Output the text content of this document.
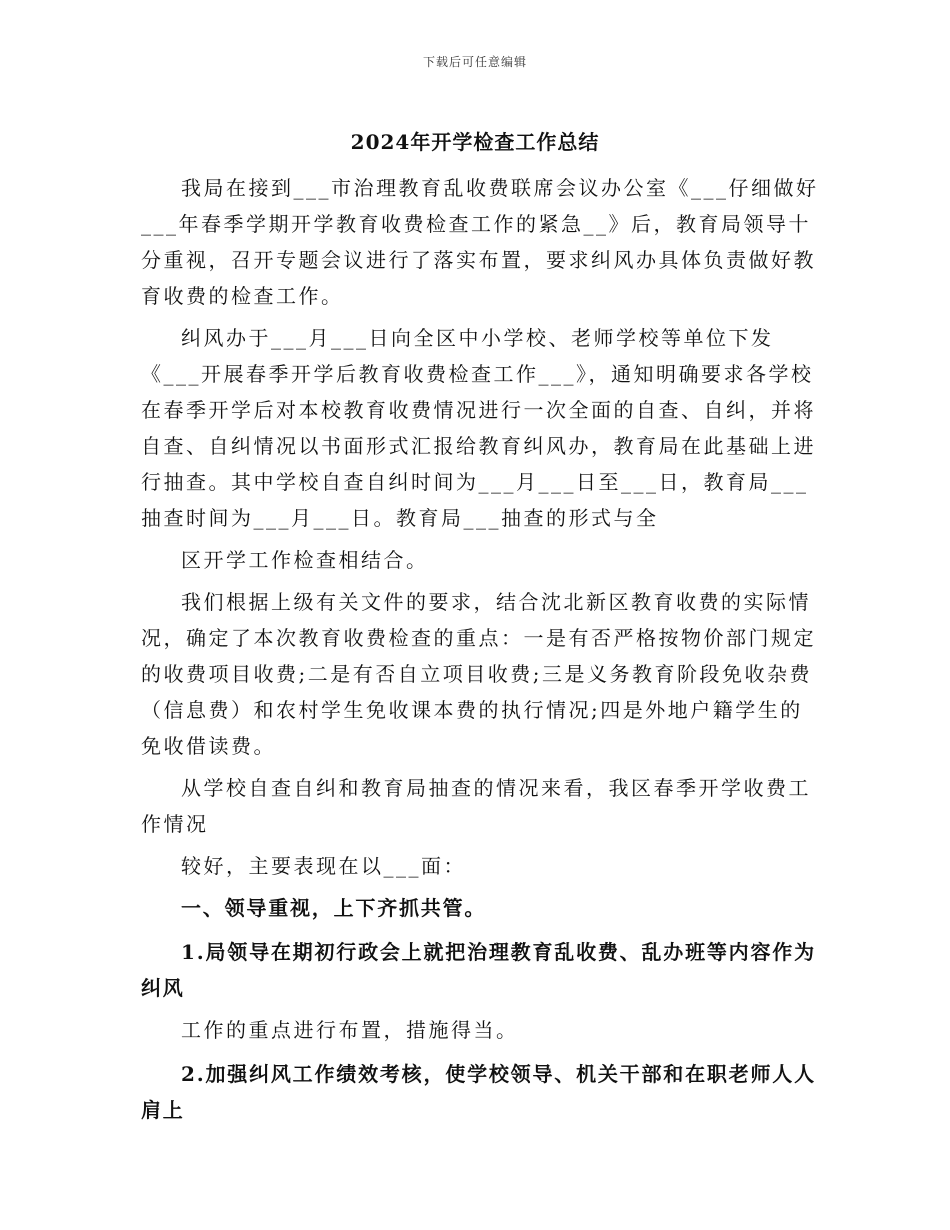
下载后可任意编辑
2024年开学检查工作总结

我局在接到___市治理教育乱收费联席会议办公室《___仔细做好___年春季学期开学教育收费检查工作的紧急__》后，教育局领导十分重视，召开专题会议进行了落实布置，要求纠风办具体负责做好教育收费的检查工作。

纠风办于___月___日向全区中小学校、老师学校等单位下发《___开展春季开学后教育收费检查工作___》，通知明确要求各学校在春季开学后对本校教育收费情况进行一次全面的自查、自纠，并将自查、自纠情况以书面形式汇报给教育纠风办，教育局在此基础上进行抽查。其中学校自查自纠时间为___月___日至___日，教育局___抽查时间为___月___日。教育局___抽查的形式与全

区开学工作检查相结合。

我们根据上级有关文件的要求，结合沈北新区教育收费的实际情况，确定了本次教育收费检查的重点：一是有否严格按物价部门规定的收费项目收费;二是有否自立项目收费;三是义务教育阶段免收杂费（信息费）和农村学生免收课本费的执行情况;四是外地户籍学生的免收借读费。

从学校自查自纠和教育局抽查的情况来看，我区春季开学收费工作情况

较好，主要表现在以___面：

一、领导重视，上下齐抓共管。

1.局领导在期初行政会上就把治理教育乱收费、乱办班等内容作为纠风

工作的重点进行布置，措施得当。

2.加强纠风工作绩效考核，使学校领导、机关干部和在职老师人人肩上
